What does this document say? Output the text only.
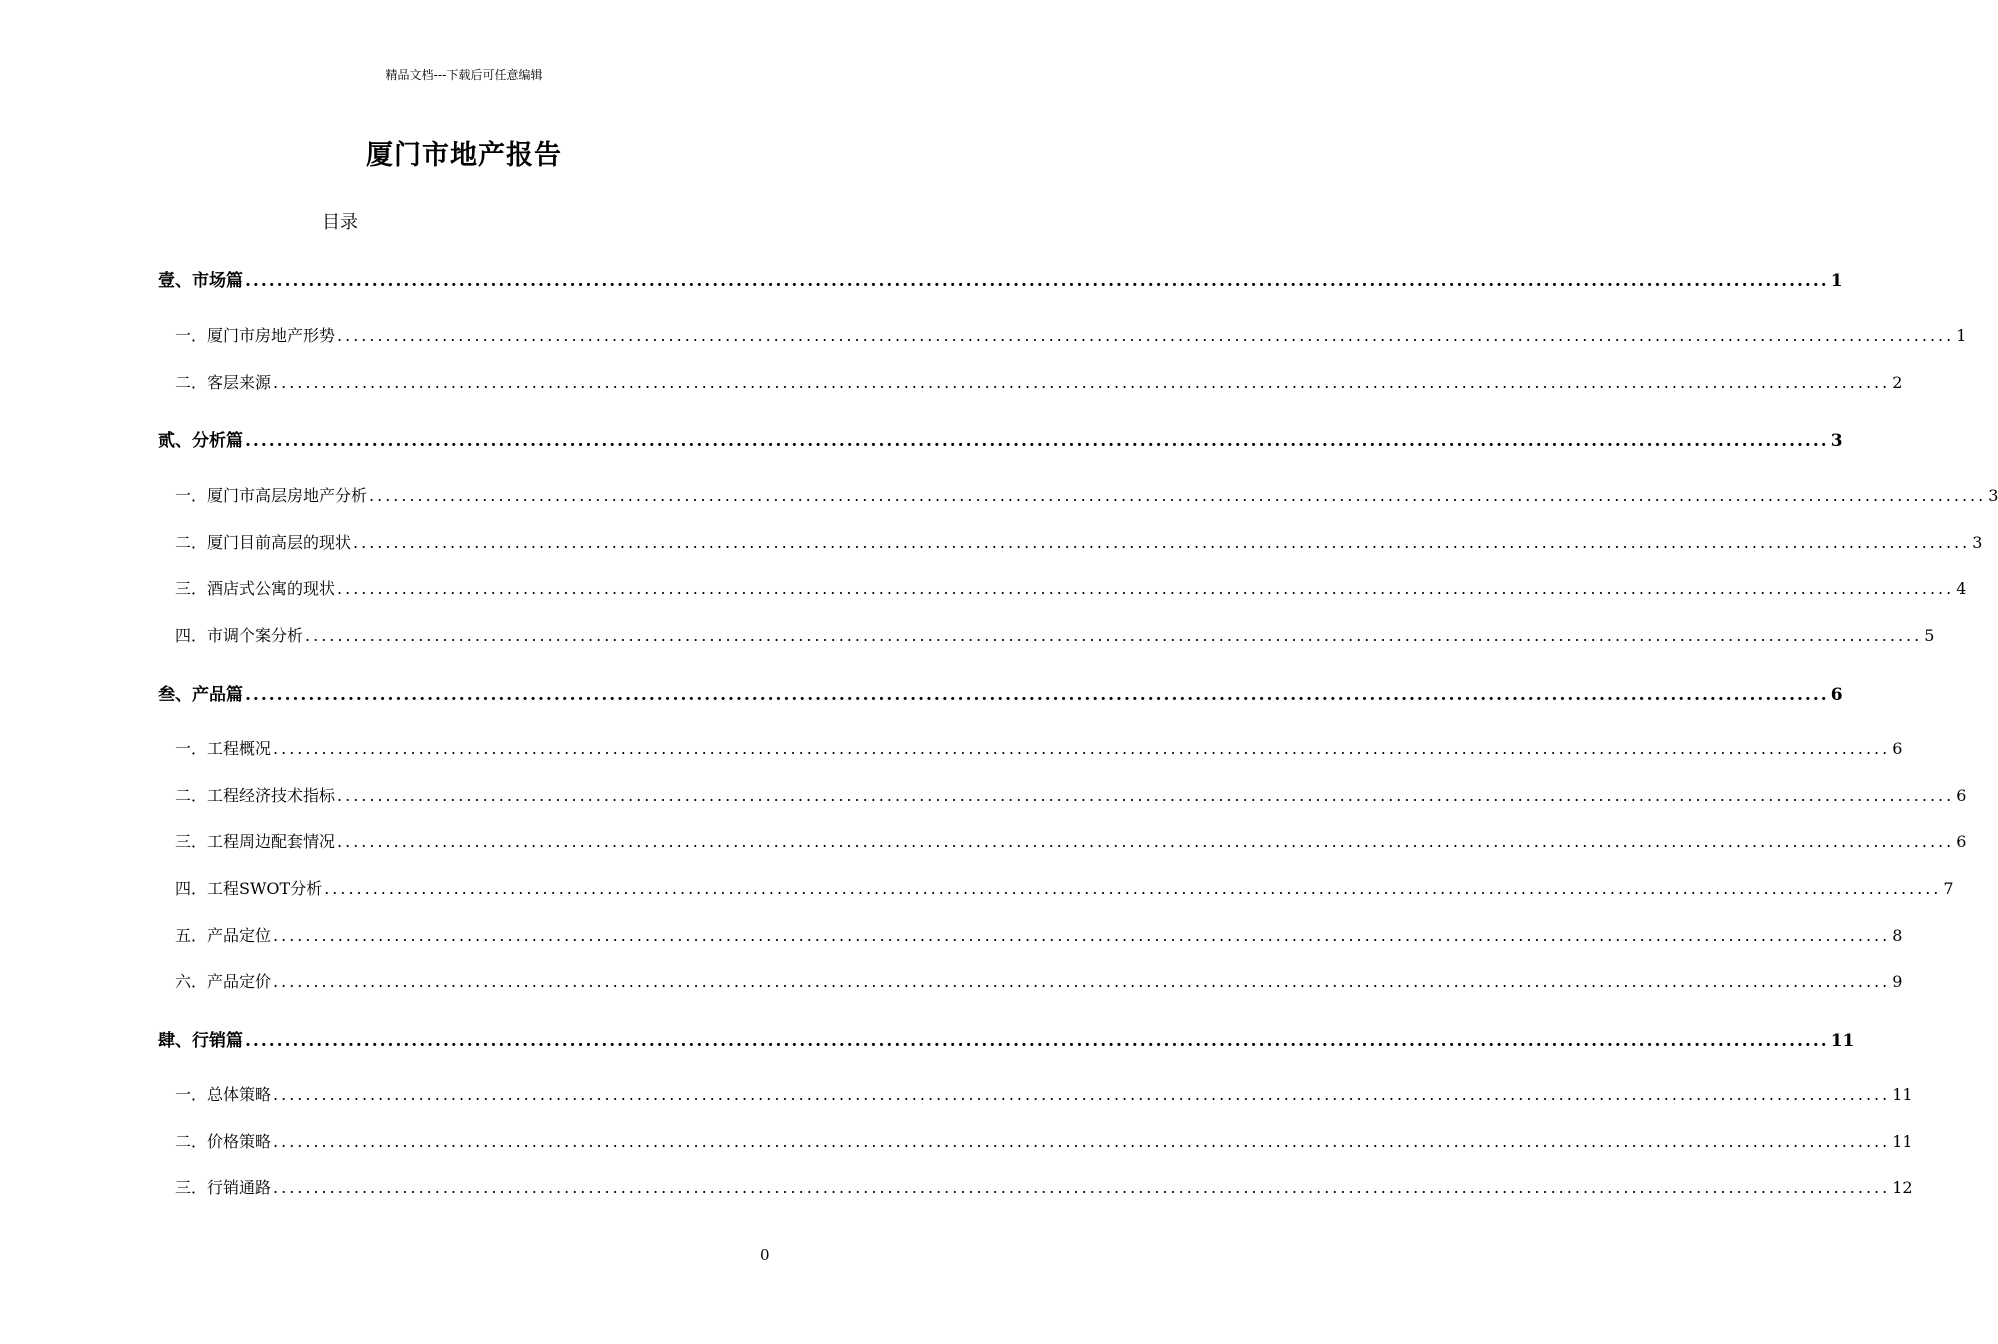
精品文档---下载后可任意编辑
厦门市地产报告
目录
壹、市场篇 ........................................................................................................................................................................................................ 1
一．厦门市房地产形势 ........................................................................................................................................................................................................ 1
二．客层来源 ........................................................................................................................................................................................................ 2
贰、分析篇 ........................................................................................................................................................................................................ 3
一．厦门市高层房地产分析 ........................................................................................................................................................................................................ 3
二．厦门目前高层的现状 ........................................................................................................................................................................................................ 3
三．酒店式公寓的现状 ........................................................................................................................................................................................................ 4
四．市调个案分析 ........................................................................................................................................................................................................ 5
叁、产品篇 ........................................................................................................................................................................................................ 6
一．工程概况 ........................................................................................................................................................................................................ 6
二．工程经济技术指标 ........................................................................................................................................................................................................ 6
三．工程周边配套情况 ........................................................................................................................................................................................................ 6
四．工程SWOT分析 ........................................................................................................................................................................................................ 7
五．产品定位 ........................................................................................................................................................................................................ 8
六．产品定价 ........................................................................................................................................................................................................ 9
肆、行销篇 ........................................................................................................................................................................................................ 11
一．总体策略 ........................................................................................................................................................................................................ 11
二．价格策略 ........................................................................................................................................................................................................ 11
三．行销通路 ........................................................................................................................................................................................................ 12
0
